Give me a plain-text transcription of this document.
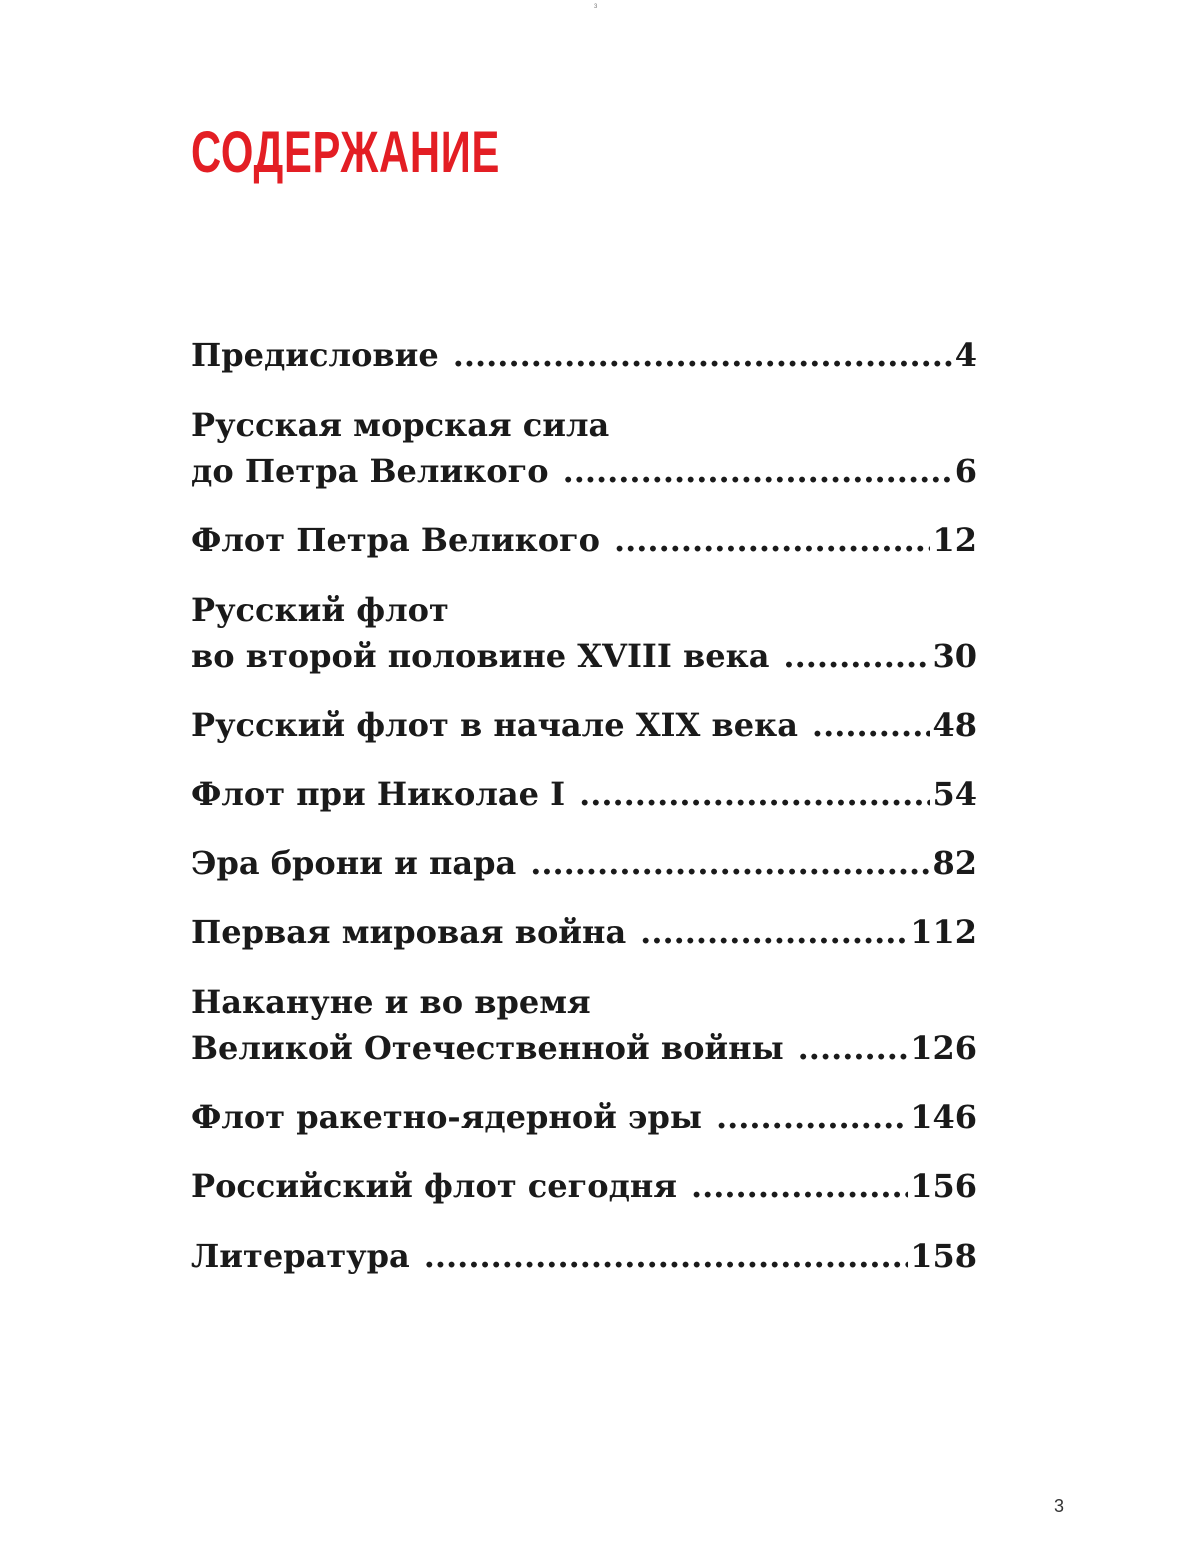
3
СОДЕРЖАНИЕ
Предисловие .....	4
Русская морская сила
до Петра Великого .....	6
Флот Петра Великого .....	12
Русский флот
во второй половине XVIII века .....	30
Русский флот в начале XIX века .....	48
Флот при Николае I .....	54
Эра брони и пара .....	82
Первая мировая война .....	112
Накануне и во время
Великой Отечественной войны .....	126
Флот ракетно-ядерной эры .....	146
Российский флот сегодня .....	156
Литература .....	158
3
